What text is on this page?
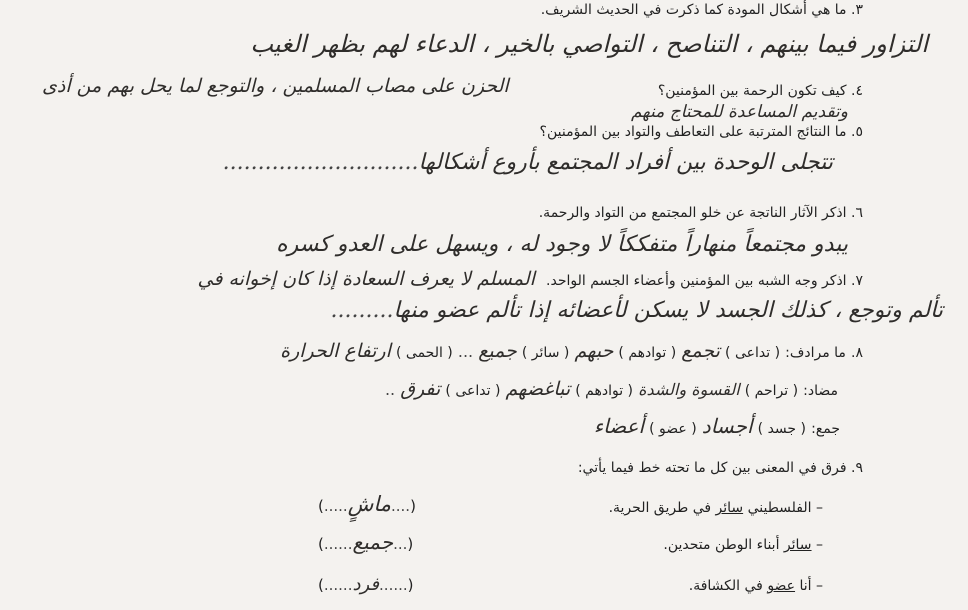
٣. ما هي أشكال المودة كما ذكرت في الحديث الشريف.
التزاور فيما بينهم ، التناصح ، التواصي بالخير ، الدعاء لهم بظهر الغيب
٤. كيف تكون الرحمة بين المؤمنين؟
الحزن على مصاب المسلمين ، والتوجع لما يحل بهم من أذى
وتقديم المساعدة للمحتاج منهم
٥. ما النتائج المترتبة على التعاطف والتواد بين المؤمنين؟
تتجلى الوحدة بين أفراد المجتمع بأروع أشكالها............................
٦. اذكر الآثار الناتجة عن خلو المجتمع من التواد والرحمة.
يبدو مجتمعاً منهاراً متفككاً لا وجود له ، ويسهل على العدو كسره
٧. اذكر وجه الشبه بين المؤمنين وأعضاء الجسم الواحد. المسلم لا يعرف السعادة إذا كان إخوانه في
تألم وتوجع ، كذلك الجسد لا يسكن لأعضائه إذا تألم عضو منها.........
٨. ما مرادف: ( تداعى ) تجمع ( توادهم ) حبهم ( سائر ) جميع ... ( الحمى ) ارتفاع الحرارة
مضاد: ( تراحم ) القسوة والشدة ( توادهم ) تباغضهم ( تداعى ) تفرق ..
جمع: ( جسد ) أجساد ( عضو ) أعضاء
٩. فرق في المعنى بين كل ما تحته خط فيما يأتي:
– الفلسطيني سائر في طريق الحرية.
(....ماشٍ.....)
– سائر أبناء الوطن متحدين.
(...جميع......)
– أنا عضو في الكشافة.
(......فرد......)
